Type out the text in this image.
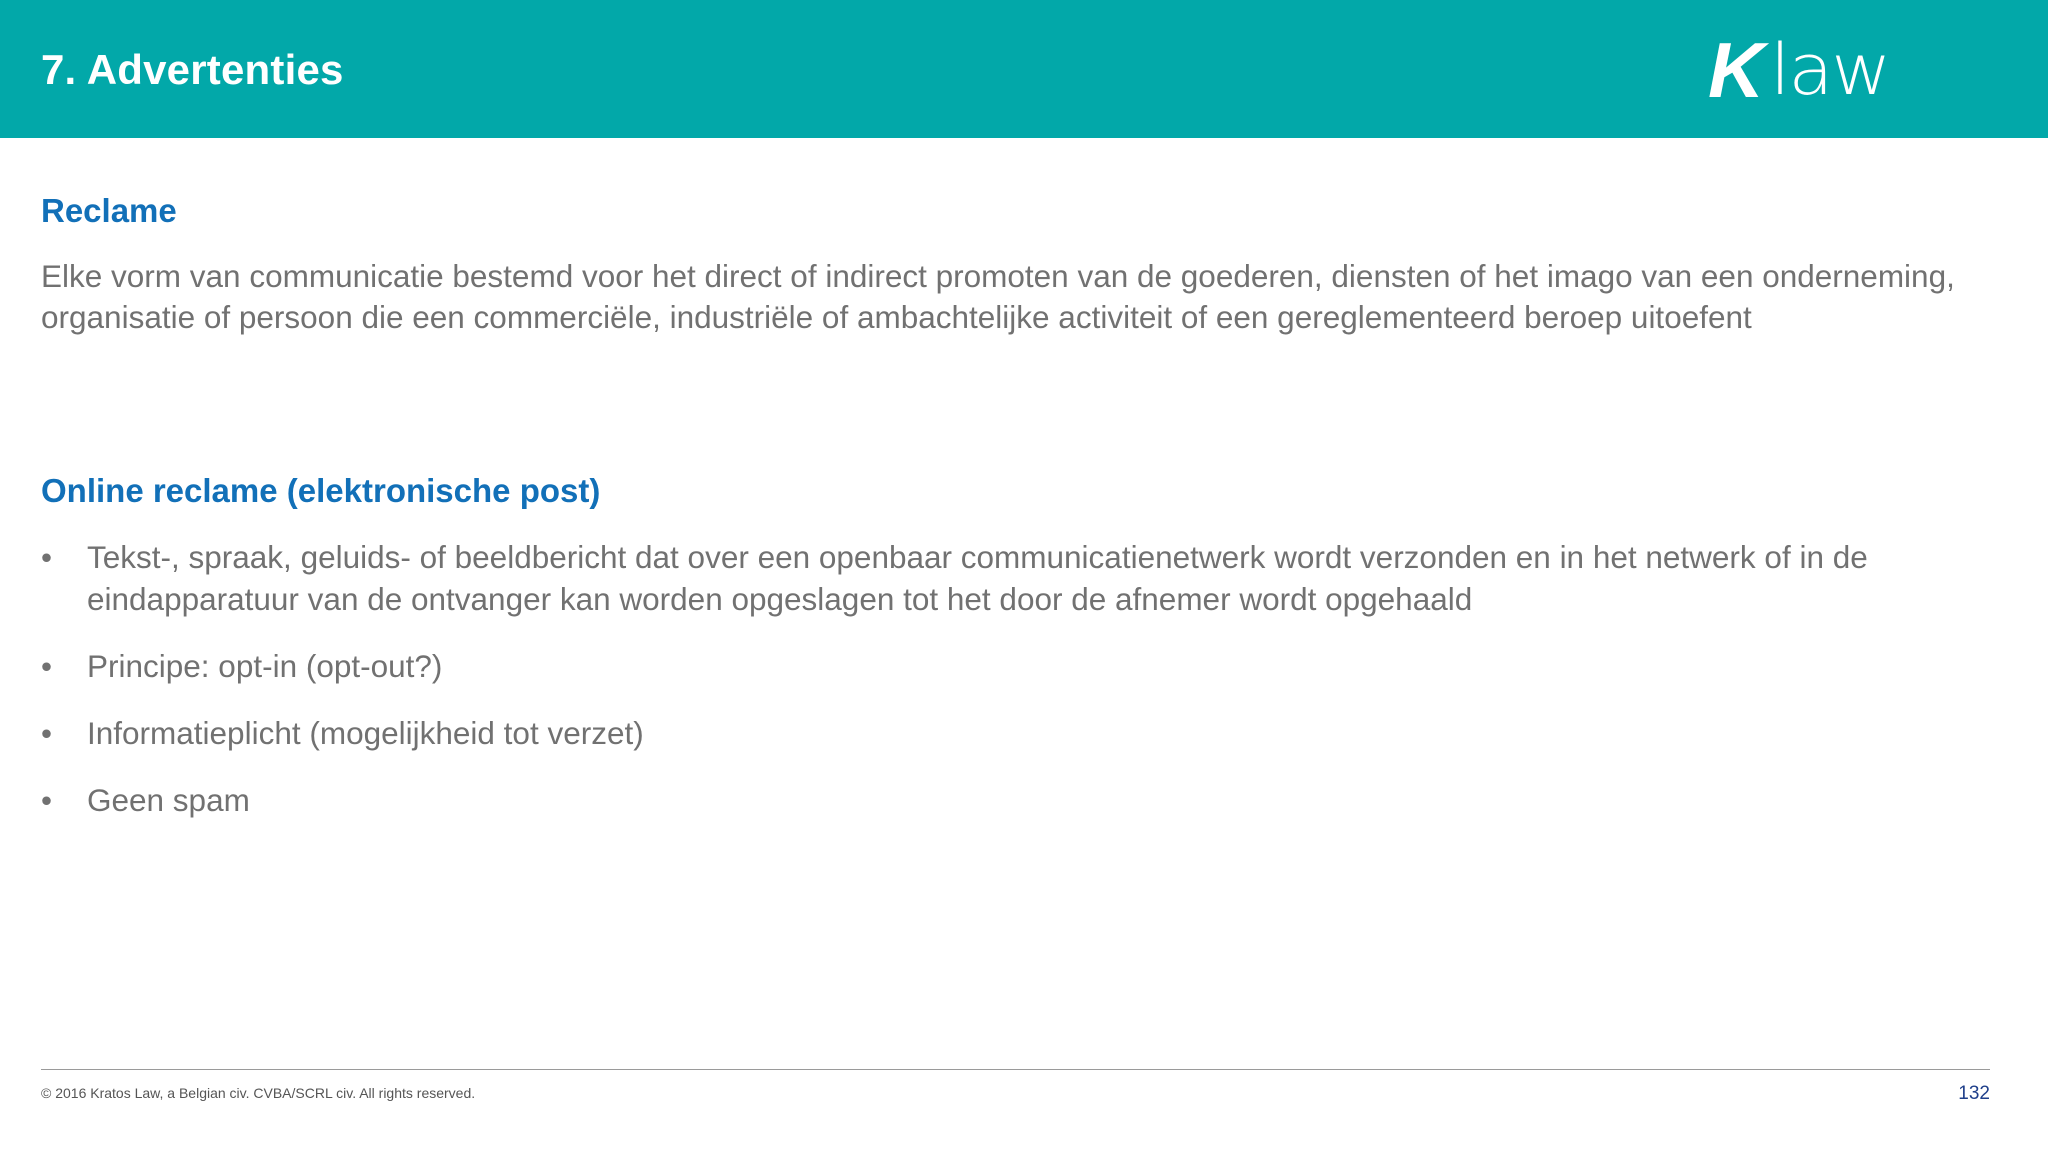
7. Advertenties	K law
Reclame

Elke vorm van communicatie bestemd voor het direct of indirect promoten van de goederen, diensten of het imago van een onderneming, organisatie of persoon die een commerciële, industriële of ambachtelijke activiteit of een gereglementeerd beroep uitoefent

Online reclame (elektronische post)
• Tekst-, spraak, geluids- of beeldbericht dat over een openbaar communicatienetwerk wordt verzonden en in het netwerk of in de eindapparatuur van de ontvanger kan worden opgeslagen tot het door de afnemer wordt opgehaald
• Principe: opt-in (opt-out?)
• Informatieplicht (mogelijkheid tot verzet)
• Geen spam
© 2016 Kratos Law, a Belgian civ. CVBA/SCRL civ. All rights reserved.	132
